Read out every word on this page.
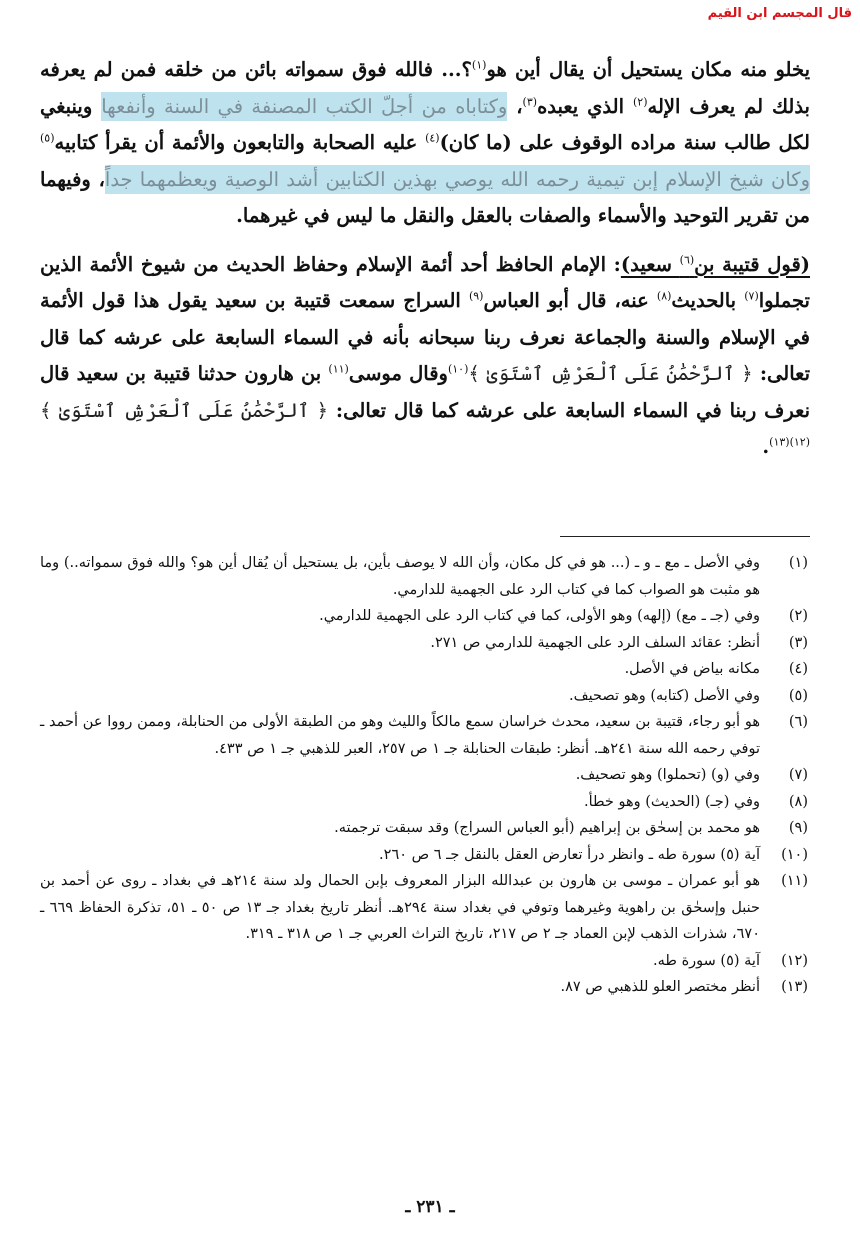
قال المجسم ابن القيم

يخلو منه مكان يستحيل أن يقال أين هو$^{(١)}$؟... فالله فوق سمواته بائن من خلقه فمن لم يعرفه بذلك لم يعرف الإله$^{(٢)}$ الذي يعبده$^{(٣)}$، وكتاباه من أجلّ الكتب المصنفة في السنة وأنفعها وينبغي لكل طالب سنة مراده الوقوف على (ما كان)$^{(٤)}$ عليه الصحابة والتابعون والأئمة أن يقرأ كتابيه$^{(٥)}$ وكان شيخ الإسلام إبن تيمية رحمه الله يوصي بهذين الكتابين أشد الوصية ويعظمهما جداً، وفيهما من تقرير التوحيد والأسماء والصفات بالعقل والنقل ما ليس في غيرهما.

(قول قتيبة بن$^{(٦)}$ سعيد): الإمام الحافظ أحد أئمة الإسلام وحفاظ الحديث من شيوخ الأئمة الذين تجملوا$^{(٧)}$ بالحديث$^{(٨)}$ عنه، قال أبو العباس$^{(٩)}$ السراج سمعت قتيبة بن سعيد يقول هذا قول الأئمة في الإسلام والسنة والجماعة نعرف ربنا سبحانه بأنه في السماء السابعة على عرشه كما قال تعالى: ﴿ ٱلرَّحْمَٰنُ عَلَى ٱلْعَرْشِ ٱسْتَوَىٰ ﴾$^{(١٠)}$وقال موسى$^{(١١)}$ بن هارون حدثنا قتيبة بن سعيد قال نعرف ربنا في السماء السابعة على عرشه كما قال تعالى: ﴿ ٱلرَّحْمَٰنُ عَلَى ٱلْعَرْشِ ٱسْتَوَىٰ ﴾$^{(١٢)(١٣)}$.

(١)
وفي الأصل ـ مع ـ و ـ (... هو في كل مكان، وأن الله لا يوصف بأين، بل يستحيل أن يُقال أين هو؟ والله فوق سمواته..) وما هو مثبت هو الصواب كما في كتاب الرد على الجهمية للدارمي.
(٢)
وفي (جـ ـ مع) (إلهه) وهو الأولى، كما في كتاب الرد على الجهمية للدارمي.
(٣)
أنظر: عقائد السلف الرد على الجهمية للدارمي ص ٢٧١.
(٤)
مكانه بياض في الأصل.
(٥)
وفي الأصل (كتابه) وهو تصحيف.
(٦)
هو أبو رجاء، قتيبة بن سعيد، محدث خراسان سمع مالكاً والليث وهو من الطبقة الأولى من الحنابلة، وممن رووا عن أحمد ـ توفي رحمه الله سنة ٢٤١هـ. أنظر: طبقات الحنابلة جـ ١ ص ٢٥٧، العبر للذهبي جـ ١ ص ٤٣٣.
(٧)
وفي (و) (تحملوا) وهو تصحيف.
(٨)
وفي (جـ) (الحديث) وهو خطأ.
(٩)
هو محمد بن إسحٰق بن إبراهيم (أبو العباس السراج) وقد سبقت ترجمته.
(١٠)
آية (٥) سورة طه ـ وانظر درأ تعارض العقل بالنقل جـ ٦ ص ٢٦٠.
(١١)
هو أبو عمران ـ موسى بن هارون بن عبدالله البزار المعروف بإبن الحمال ولد سنة ٢١٤هـ في بغداد ـ روى عن أحمد بن حنبل وإسحٰق بن راهوية وغيرهما وتوفي في بغداد سنة ٢٩٤هـ. أنظر تاريخ بغداد جـ ١٣ ص ٥٠ ـ ٥١، تذكرة الحفاظ ٦٦٩ ـ ٦٧٠، شذرات الذهب لإبن العماد جـ ٢ ص ٢١٧، تاريخ التراث العربي جـ ١ ص ٣١٨ ـ ٣١٩.
(١٢)
آية (٥) سورة طه.
(١٣)
أنظر مختصر العلو للذهبي ص ٨٧.
ـ ٢٣١ ـ
